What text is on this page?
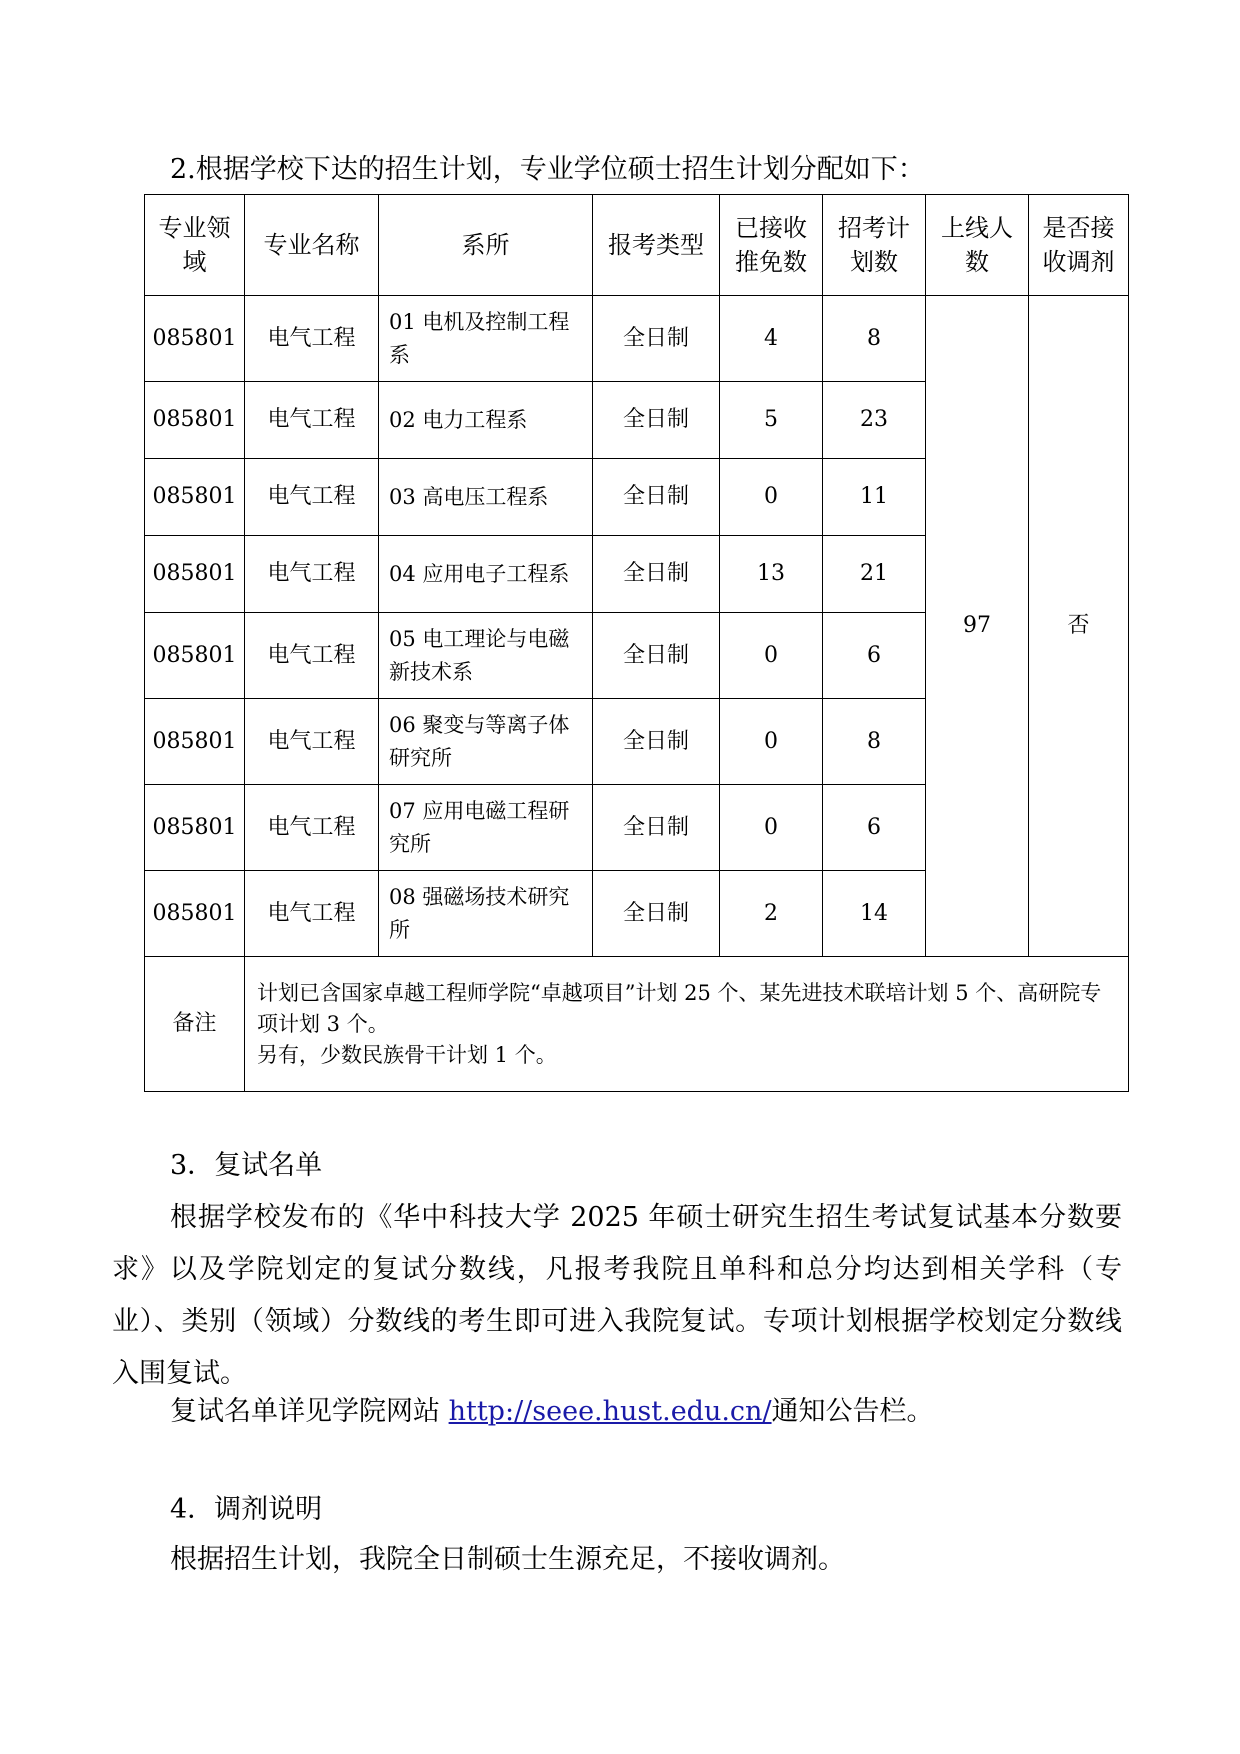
2.根据学校下达的招生计划，专业学位硕士招生计划分配如下：

专业领域	专业名称	系所	报考类型	已接收推免数	招考计划数	上线人数	是否接收调剂
085801	电气工程	01 电机及控制工程系	全日制	4	8	97	否
085801	电气工程	02 电力工程系	全日制	5	23		
085801	电气工程	03 高电压工程系	全日制	0	11		
085801	电气工程	04 应用电子工程系	全日制	13	21		
085801	电气工程	05 电工理论与电磁新技术系	全日制	0	6		
085801	电气工程	06 聚变与等离子体研究所	全日制	0	8		
085801	电气工程	07 应用电磁工程研究所	全日制	0	6		
085801	电气工程	08 强磁场技术研究所	全日制	2	14		
备注	计划已含国家卓越工程师学院“卓越项目”计划 25 个、某先进技术联培计划 5 个、高研院专项计划 3 个。
另有，少数民族骨干计划 1 个。						

3．复试名单

根据学校发布的《华中科技大学 2025 年硕士研究生招生考试复试基本分数要求》以及学院划定的复试分数线，凡报考我院且单科和总分均达到相关学科（专业）、类别（领域）分数线的考生即可进入我院复试。专项计划根据学校划定分数线入围复试。

复试名单详见学院网站 http://seee.hust.edu.cn/通知公告栏。

4．调剂说明

根据招生计划，我院全日制硕士生源充足，不接收调剂。
